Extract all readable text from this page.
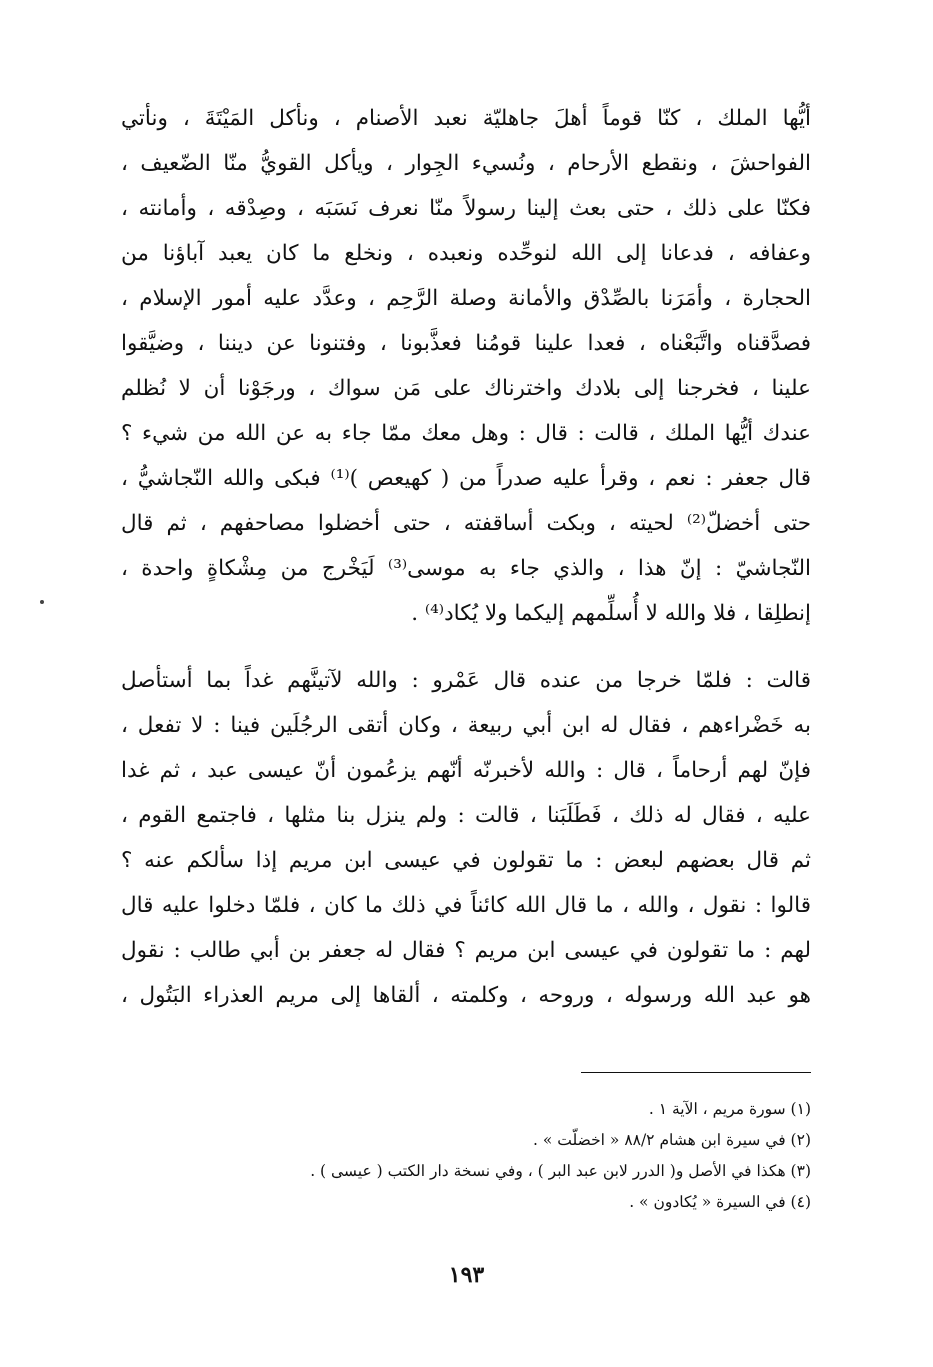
أيُّها الملك ، كنّا قوماً أهلَ جاهليّة نعبد الأصنام ، ونأكل المَيْتَةَ ، ونأتي
الفواحشَ ، ونقطع الأرحام ، ونُسيء الجِوار ، ويأكل القويُّ منّا الضّعيف ،
فكنّا على ذلك ، حتى بعث إلينا رسولاً منّا نعرف نَسَبَه ، وصِدْقه ، وأمانته ،
وعفافه ، فدعانا إلى الله لنوحِّده ونعبده ، ونخلع ما كان يعبد آباؤنا من
الحجارة ، وأمَرَنا بالصِّدْق والأمانة وصلة الرَّحِم ، وعدَّد عليه أمور الإسلام ،
فصدَّقناه واتَّبَعْناه ، فعدا علينا قومُنا فعذَّبونا ، وفتنونا عن ديننا ، وضيَّقوا
علينا ، فخرجنا إلى بلادك واخترناك على مَن سواك ، ورجَوْنا أن لا نُظلم
عندك أيُّها الملك ، قالت : قال : وهل معك ممّا جاء به عن الله من شيء ؟
قال جعفر : نعم ، وقرأ عليه صدراً من ( كهيعص )⁽¹⁾ فبكى والله النّجاشيُّ ،
حتى أخضلّ⁽²⁾ لحيته ، وبكت أساقفته ، حتى أخضلوا مصاحفهم ، ثم قال
النّجاشيّ : إنّ هذا ، والذي جاء به موسى⁽³⁾ لَيَخْرج من مِشْكاةٍ واحدة ،
إنطلِقا ، فلا والله لا أُسلِّمهم إليكما ولا يُكاد⁽⁴⁾ .

قالت : فلمّا خرجا من عنده قال عَمْرو : والله لآتينَّهم غداً بما أستأصل
به خَضْراءهم ، فقال له ابن أبي ربيعة ، وكان أتقى الرجُلَين فينا : لا تفعل ،
فإنّ لهم أرحاماً ، قال : والله لأخبرنّه أنّهم يزعُمون أنّ عيسى عبد ، ثم غدا
عليه ، فقال له ذلك ، فَطَلَبَنا ، قالت : ولم ينزل بنا مثلها ، فاجتمع القوم ،
ثم قال بعضهم لبعض : ما تقولون في عيسى ابن مريم إذا سألكم عنه ؟
قالوا : نقول ، والله ، ما قال الله كائناً في ذلك ما كان ، فلمّا دخلوا عليه قال
لهم : ما تقولون في عيسى ابن مريم ؟ فقال له جعفر بن أبي طالب : نقول
هو عبد الله ورسوله ، وروحه ، وكلمته ، ألقاها إلى مريم العذراء البَتُول ،

(١) سورة مريم ، الآية ١ .
(٢) في سيرة ابن هشام ٨٨/٢ « اخضلّت » .
(٣) هكذا في الأصل و( الدرر لابن عبد البر ) ، وفي نسخة دار الكتب ( عيسى ) .
(٤) في السيرة « يُكادون » .
١٩٣
